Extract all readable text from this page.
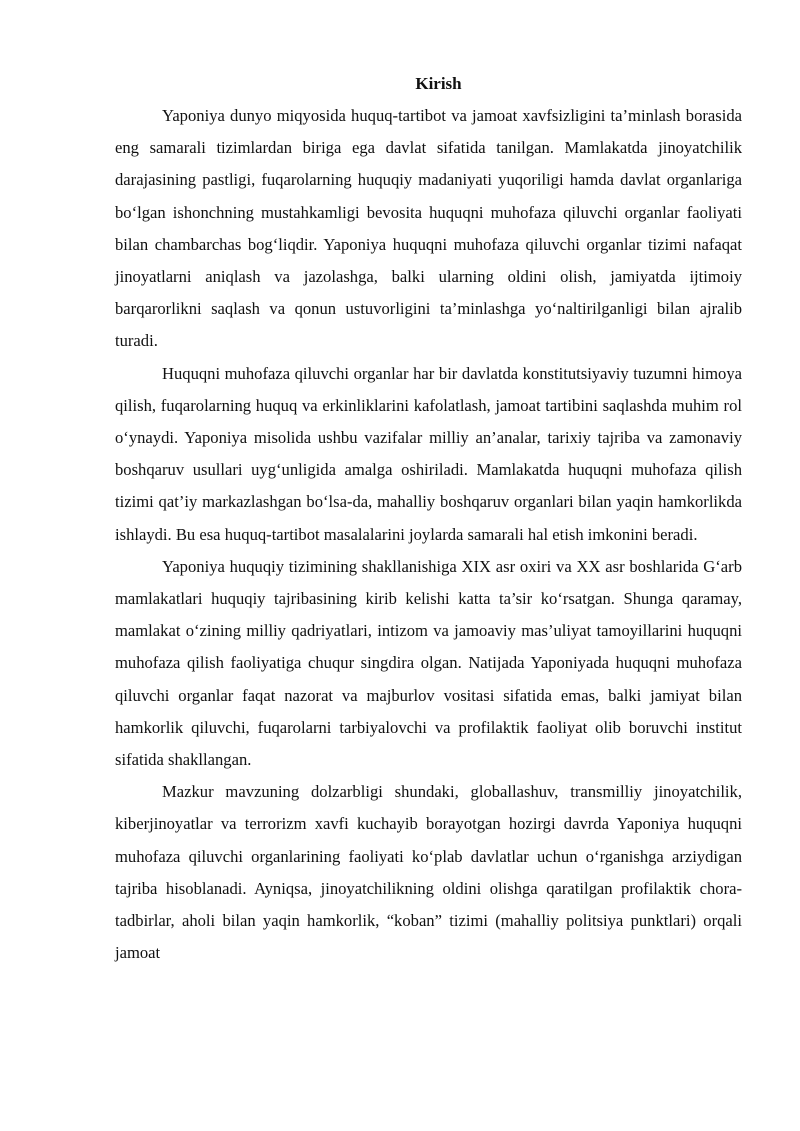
Kirish

Yaponiya dunyo miqyosida huquq-tartibot va jamoat xavfsizligini ta’minlash borasida eng samarali tizimlardan biriga ega davlat sifatida tanilgan. Mamlakatda jinoyatchilik darajasining pastligi, fuqarolarning huquqiy madaniyati yuqoriligi hamda davlat organlariga bo‘lgan ishonchning mustahkamligi bevosita huquqni muhofaza qiluvchi organlar faoliyati bilan chambarchas bog‘liqdir. Yaponiya huquqni muhofaza qiluvchi organlar tizimi nafaqat jinoyatlarni aniqlash va jazolashga, balki ularning oldini olish, jamiyatda ijtimoiy barqarorlikni saqlash va qonun ustuvorligini ta’minlashga yo‘naltirilganligi bilan ajralib turadi.

Huquqni muhofaza qiluvchi organlar har bir davlatda konstitutsiyaviy tuzumni himoya qilish, fuqarolarning huquq va erkinliklarini kafolatlash, jamoat tartibini saqlashda muhim rol o‘ynaydi. Yaponiya misolida ushbu vazifalar milliy an’analar, tarixiy tajriba va zamonaviy boshqaruv usullari uyg‘unligida amalga oshiriladi. Mamlakatda huquqni muhofaza qilish tizimi qat’iy markazlashgan bo‘lsa-da, mahalliy boshqaruv organlari bilan yaqin hamkorlikda ishlaydi. Bu esa huquq-tartibot masalalarini joylarda samarali hal etish imkonini beradi.

Yaponiya huquqiy tizimining shakllanishiga XIX asr oxiri va XX asr boshlarida G‘arb mamlakatlari huquqiy tajribasining kirib kelishi katta ta’sir ko‘rsatgan. Shunga qaramay, mamlakat o‘zining milliy qadriyatlari, intizom va jamoaviy mas’uliyat tamoyillarini huquqni muhofaza qilish faoliyatiga chuqur singdira olgan. Natijada Yaponiyada huquqni muhofaza qiluvchi organlar faqat nazorat va majburlov vositasi sifatida emas, balki jamiyat bilan hamkorlik qiluvchi, fuqarolarni tarbiyalovchi va profilaktik faoliyat olib boruvchi institut sifatida shakllangan.

Mazkur mavzuning dolzarbligi shundaki, globallashuv, transmilliy jinoyatchilik, kiberjinoyatlar va terrorizm xavfi kuchayib borayotgan hozirgi davrda Yaponiya huquqni muhofaza qiluvchi organlarining faoliyati ko‘plab davlatlar uchun o‘rganishga arziydigan tajriba hisoblanadi. Ayniqsa, jinoyatchilikning oldini olishga qaratilgan profilaktik chora-tadbirlar, aholi bilan yaqin hamkorlik, “koban” tizimi (mahalliy politsiya punktlari) orqali jamoat
